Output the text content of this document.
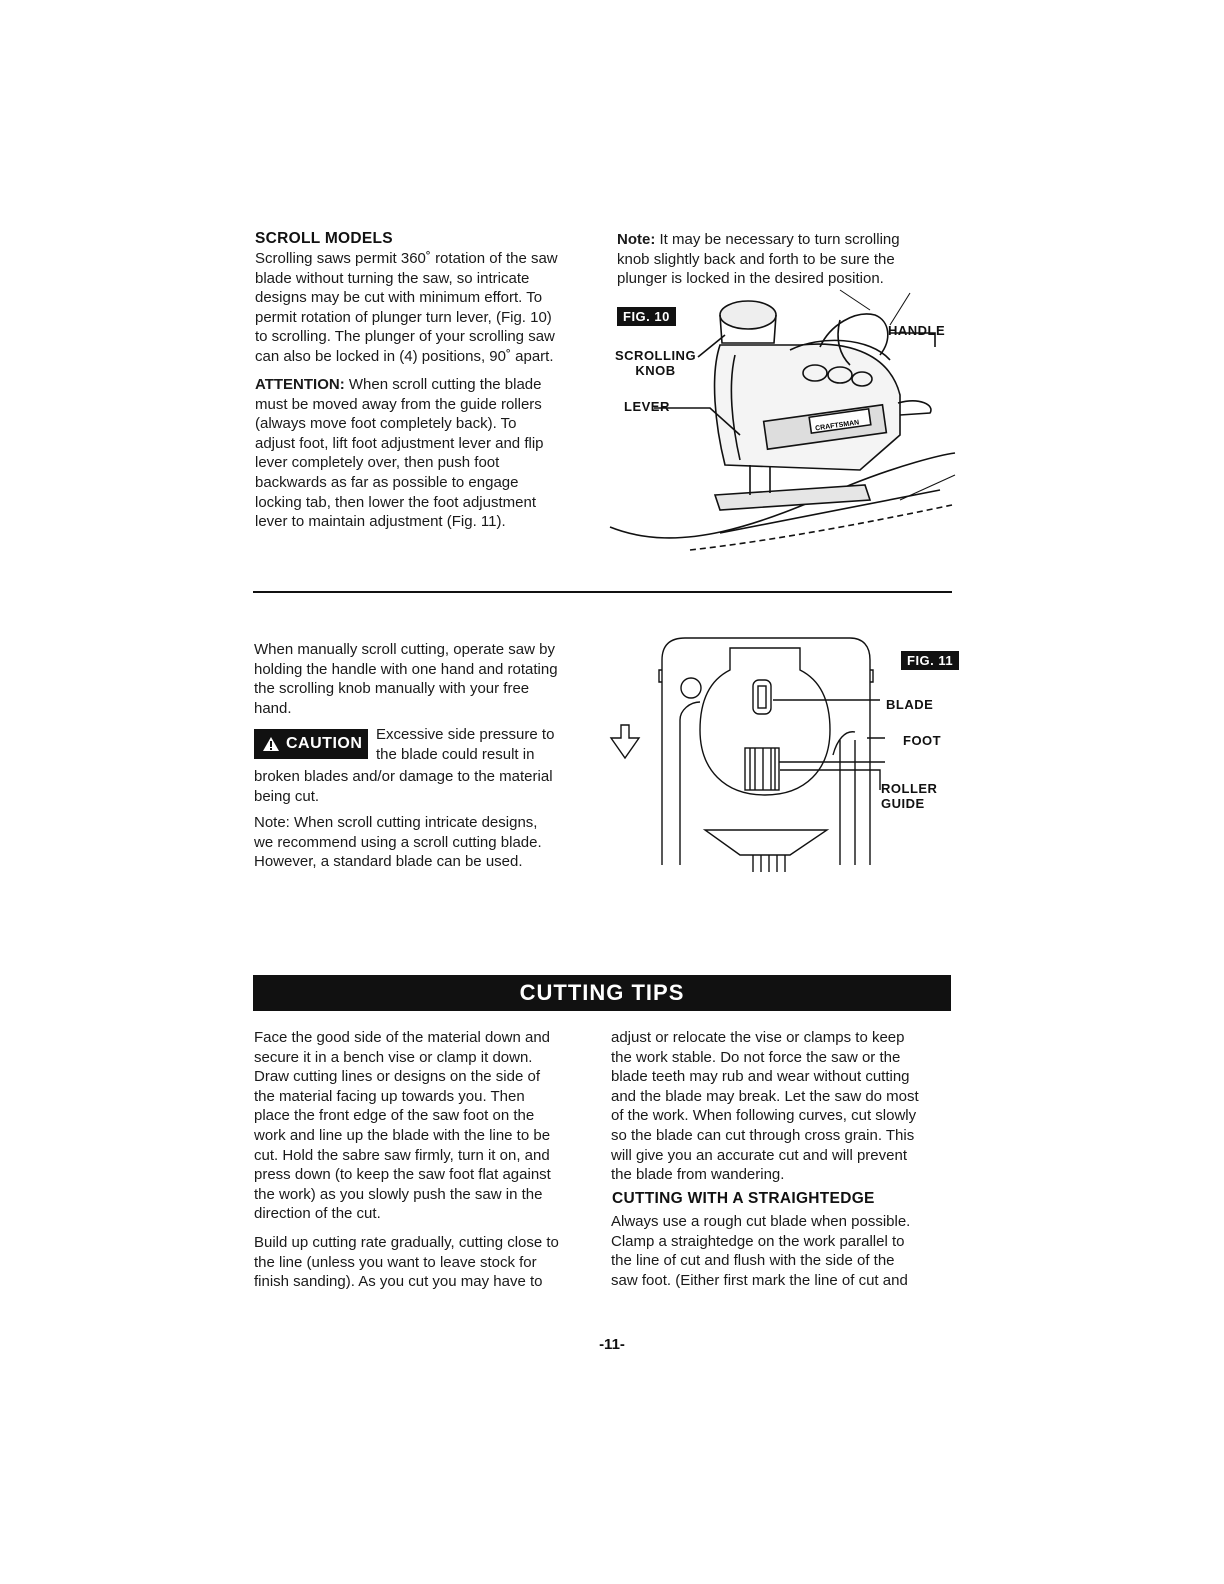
SCROLL MODELS
Scrolling saws permit 360˚ rotation of the saw
blade without turning the saw, so intricate
designs may be cut with minimum effort. To
permit rotation of plunger turn lever, (Fig. 10)
to scrolling. The plunger of your scrolling saw
can also be locked in (4) positions, 90˚ apart.
ATTENTION: When scroll cutting the blade
must be moved away from the guide rollers
(always move foot completely back). To
adjust foot, lift foot adjustment lever and flip
lever completely over, then push foot
backwards as far as possible to engage
locking tab, then lower the foot adjustment
lever to maintain adjustment (Fig. 11).
Note: It may be necessary to turn scrolling
knob slightly back and forth to be sure the
plunger is locked in the desired position.
FIG. 10
HANDLE
SCROLLING
KNOB
LEVER
CRAFTSMAN
When manually scroll cutting, operate saw by
holding the handle with one hand and rotating
the scrolling knob manually with your free
hand.
CAUTION
Excessive side pressure to
the blade could result in
broken blades and/or damage to the material
being cut.
Note: When scroll cutting intricate designs,
we recommend using a scroll cutting blade.
However, a standard blade can be used.
FIG. 11
BLADE
FOOT
ROLLER
GUIDE
CUTTING TIPS
Face the good side of the material down and
secure it in a bench vise or clamp it down.
Draw cutting lines or designs on the side of
the material facing up towards you. Then
place the front edge of the saw foot on the
work and line up the blade with the line to be
cut. Hold the sabre saw firmly, turn it on, and
press down (to keep the saw foot flat against
the work) as you slowly push the saw in the
direction of the cut.
Build up cutting rate gradually, cutting close to
the line (unless you want to leave stock for
finish sanding). As you cut you may have to
adjust or relocate the vise or clamps to keep
the work stable. Do not force the saw or the
blade teeth may rub and wear without cutting
and the blade may break. Let the saw do most
of the work. When following curves, cut slowly
so the blade can cut through cross grain. This
will give you an accurate cut and will prevent
the blade from wandering.
CUTTING WITH A STRAIGHTEDGE
Always use a rough cut blade when possible.
Clamp a straightedge on the work parallel to
the line of cut and flush with the side of the
saw foot. (Either first mark the line of cut and
-11-
